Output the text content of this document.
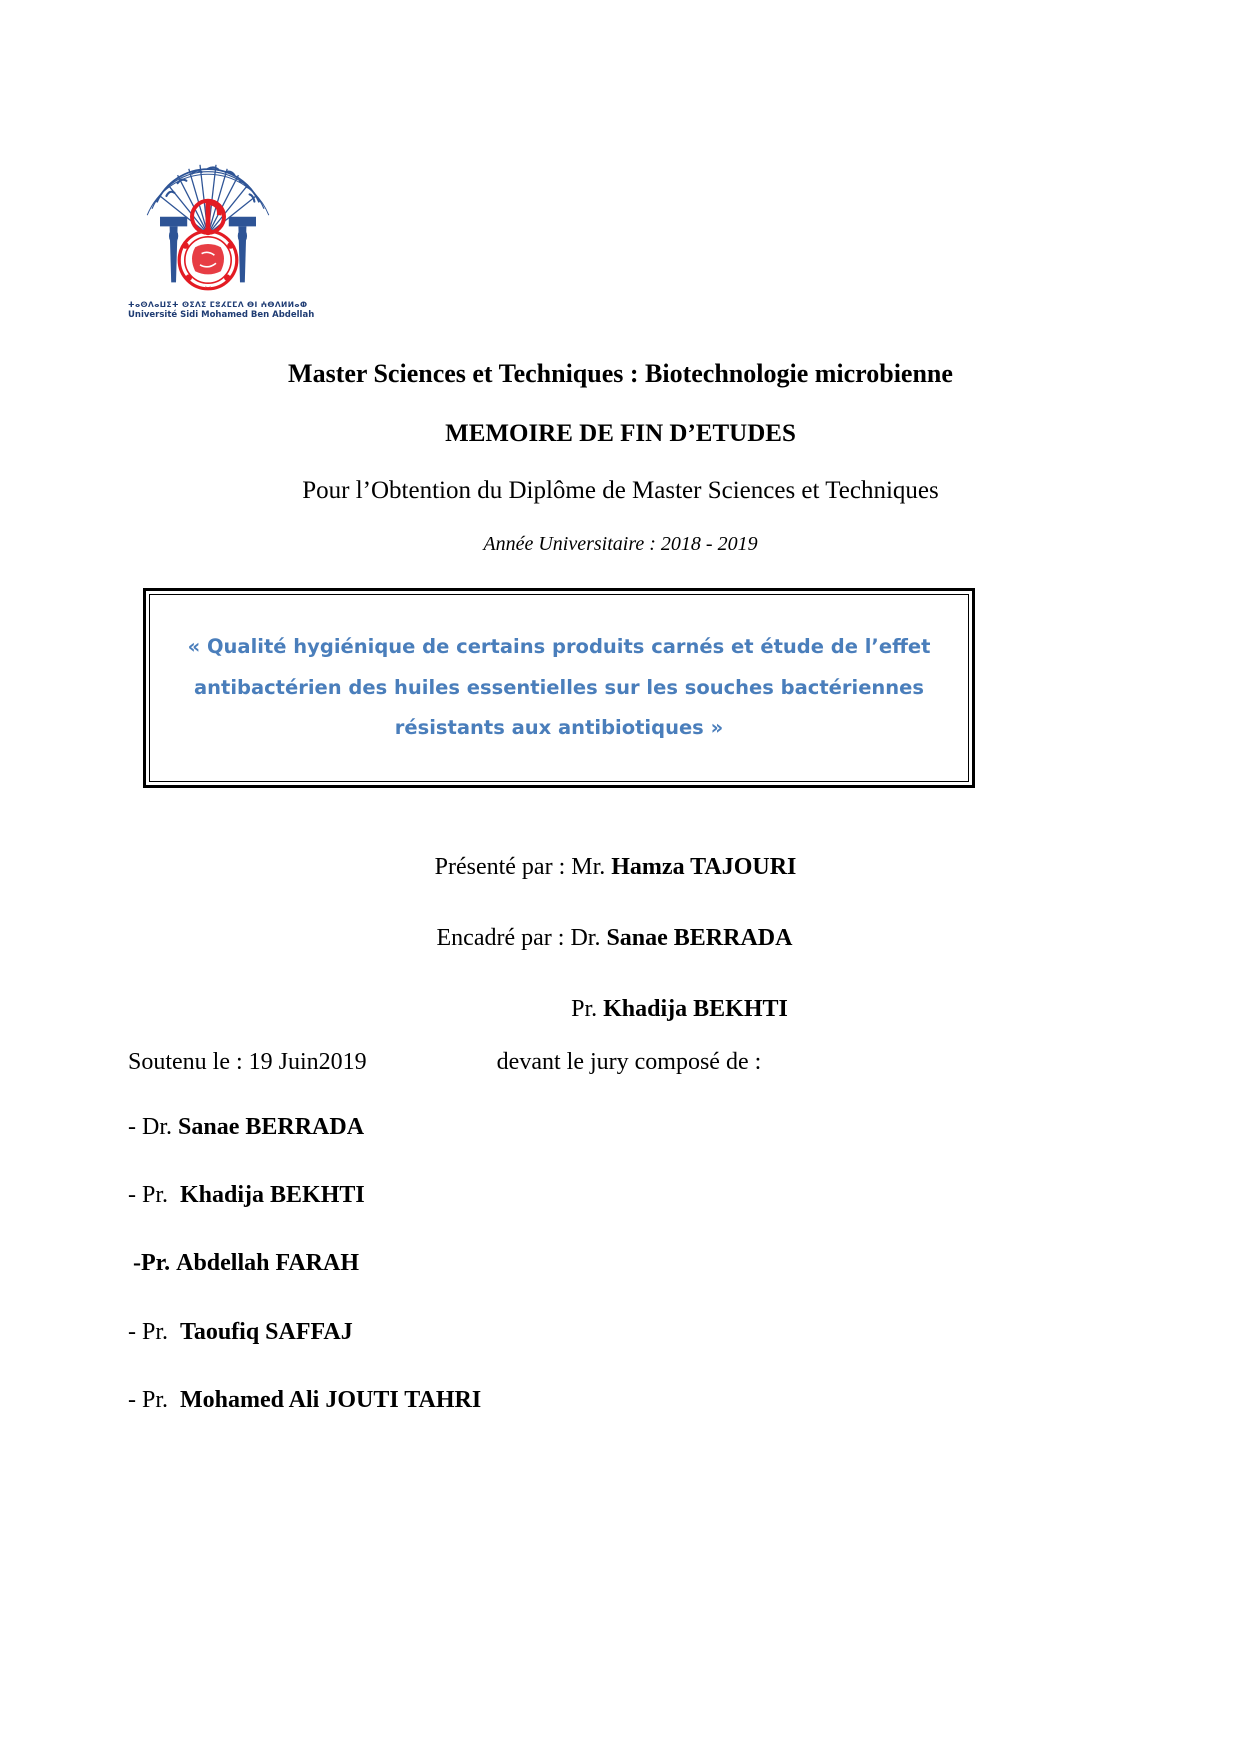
ⵜⴰⵙⴷⴰⵡⵉⵜ ⵙⵉⴷⵉ ⵎⵓⵃⵎⵎⴷ ⴱⵏ ⵄⴱⴷⵍⵍⴰⵀ
Université Sidi Mohamed Ben Abdellah
Master Sciences et Techniques : Biotechnologie microbienne
MEMOIRE DE FIN D’ETUDES
Pour l’Obtention du Diplôme de Master Sciences et Techniques
Année Universitaire : 2018 - 2019
« Qualité hygiénique de certains produits carnés et étude de l’effet
antibactérien des huiles essentielles sur les souches bactériennes
résistants aux antibiotiques »
Présenté par : Mr. Hamza TAJOURI
Encadré par : Dr. Sanae BERRADA
Pr. Khadija BEKHTI
Soutenu le : 19 Juin2019	devant le jury composé de :
- Dr. Sanae BERRADA
- Pr. Khadija BEKHTI
-Pr. Abdellah FARAH
- Pr. Taoufiq SAFFAJ
- Pr. Mohamed Ali JOUTI TAHRI
